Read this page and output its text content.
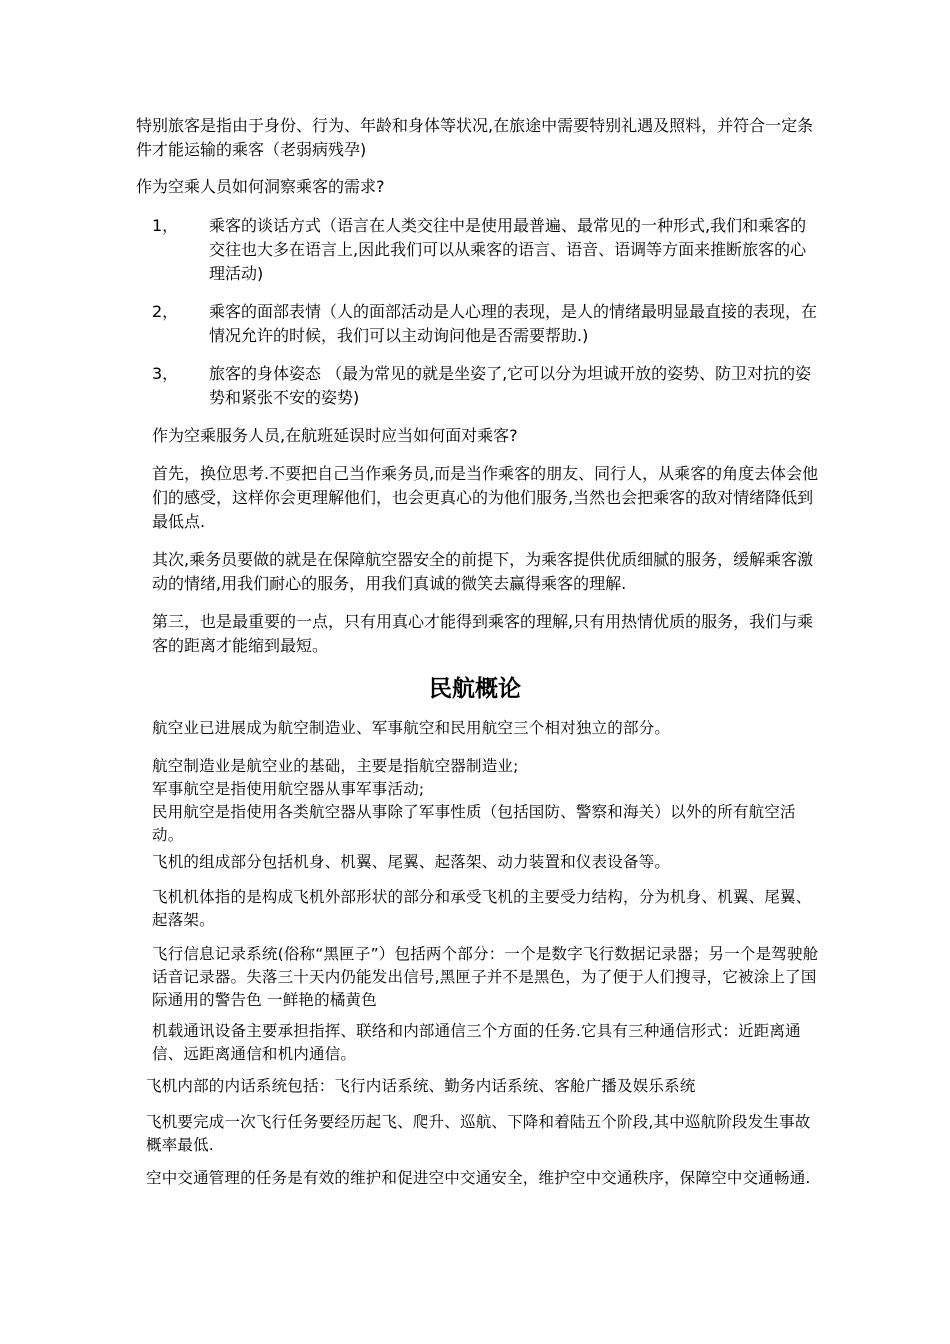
特别旅客是指由于身份、行为、年龄和身体等状况,在旅途中需要特别礼遇及照料，并符合一定条件才能运输的乘客（老弱病残孕)

作为空乘人员如何洞察乘客的需求?

1， 乘客的谈话方式（语言在人类交往中是使用最普遍、最常见的一种形式,我们和乘客的交往也大多在语言上,因此我们可以从乘客的语言、语音、语调等方面来推断旅客的心理活动)
2， 乘客的面部表情（人的面部活动是人心理的表现，是人的情绪最明显最直接的表现，在情况允许的时候，我们可以主动询问他是否需要帮助.)
3， 旅客的身体姿态 （最为常见的就是坐姿了,它可以分为坦诚开放的姿势、防卫对抗的姿势和紧张不安的姿势)

作为空乘服务人员,在航班延误时应当如何面对乘客?

首先，换位思考.不要把自己当作乘务员,而是当作乘客的朋友、同行人，从乘客的角度去体会他们的感受，这样你会更理解他们，也会更真心的为他们服务,当然也会把乘客的敌对情绪降低到最低点.

其次,乘务员要做的就是在保障航空器安全的前提下，为乘客提供优质细腻的服务，缓解乘客激动的情绪,用我们耐心的服务，用我们真诚的微笑去赢得乘客的理解.

第三，也是最重要的一点，只有用真心才能得到乘客的理解,只有用热情优质的服务，我们与乘客的距离才能缩到最短。

民航概论

航空业已进展成为航空制造业、军事航空和民用航空三个相对独立的部分。

航空制造业是航空业的基础，主要是指航空器制造业;

军事航空是指使用航空器从事军事活动;

民用航空是指使用各类航空器从事除了军事性质（包括国防、警察和海关）以外的所有航空活动。

飞机的组成部分包括机身、机翼、尾翼、起落架、动力装置和仪表设备等。

飞机机体指的是构成飞机外部形状的部分和承受飞机的主要受力结构，分为机身、机翼、尾翼、起落架。

飞行信息记录系统(俗称“黑匣子”）包括两个部分：一个是数字飞行数据记录器；另一个是驾驶舱话音记录器。失落三十天内仍能发出信号,黑匣子并不是黑色，为了便于人们搜寻，它被涂上了国际通用的警告色 一鲜艳的橘黄色

机载通讯设备主要承担指挥、联络和内部通信三个方面的任务.它具有三种通信形式：近距离通信、远距离通信和机内通信。

飞机内部的内话系统包括：飞行内话系统、勤务内话系统、客舱广播及娱乐系统

飞机要完成一次飞行任务要经历起飞、爬升、巡航、下降和着陆五个阶段,其中巡航阶段发生事故概率最低.

空中交通管理的任务是有效的维护和促进空中交通安全，维护空中交通秩序，保障空中交通畅通.
